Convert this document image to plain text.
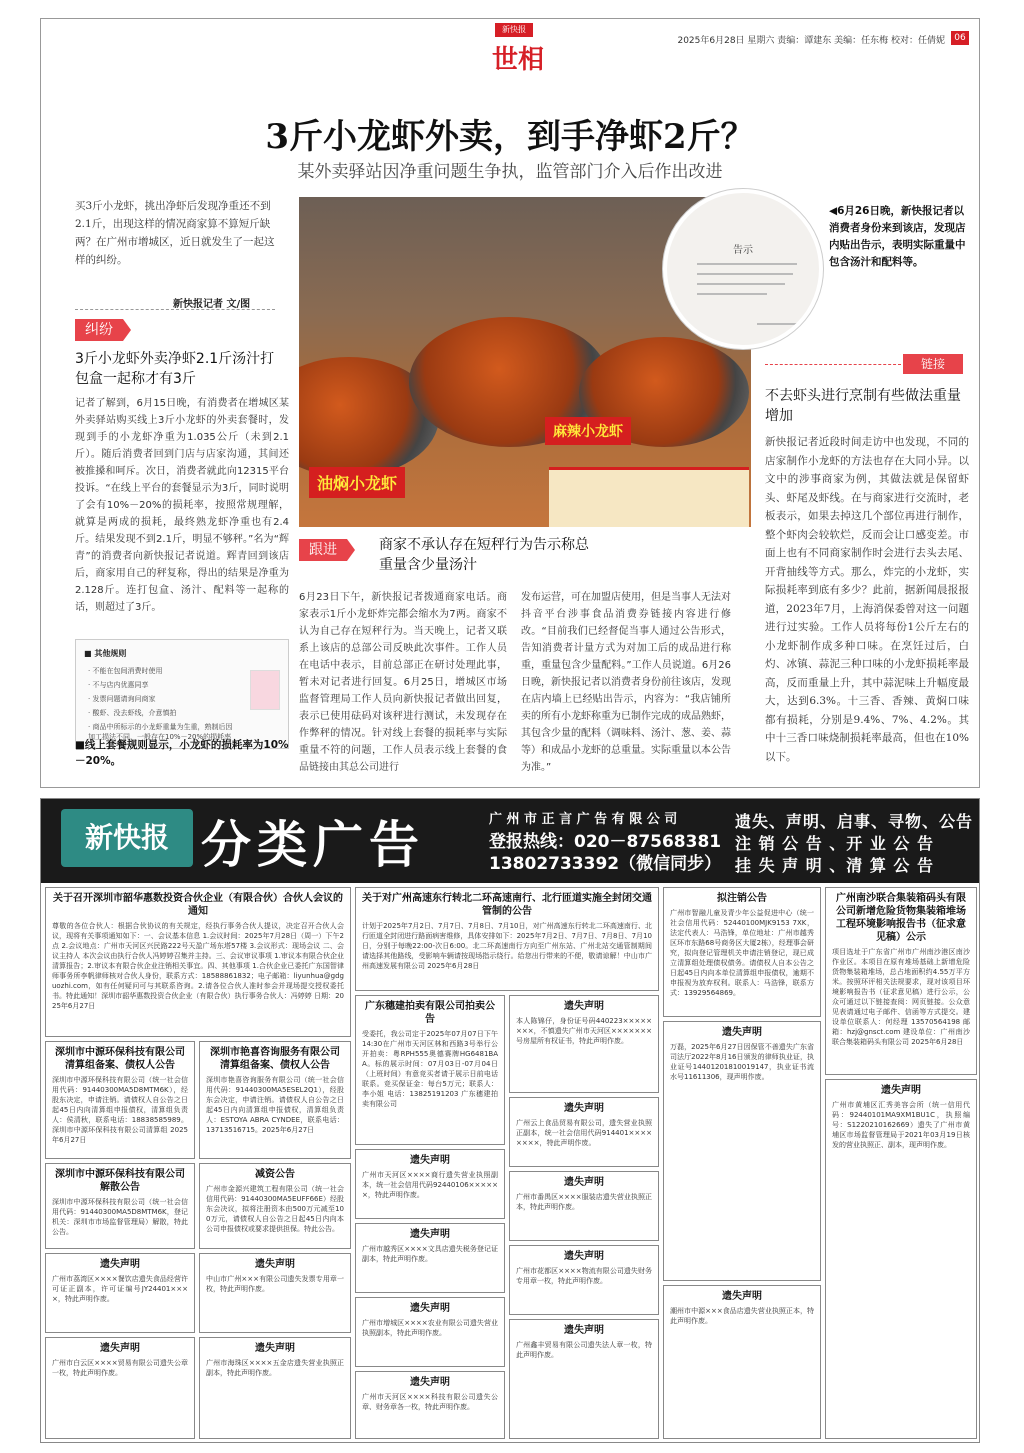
新快报
世相
2025年6月28日 星期六 责编：谭建东 美编：任东梅 校对：任倩妮	06
3斤小龙虾外卖，到手净虾2斤？
某外卖驿站因净重问题生争执，监管部门介入后作出改进
买3斤小龙虾，挑出净虾后发现净重还不到2.1斤，出现这样的情况商家算不算短斤缺两？在广州市增城区，近日就发生了一起这样的纠纷。
新快报记者 文/图
纠纷
3斤小龙虾外卖净虾2.1斤汤汁打包盒一起称才有3斤
记者了解到，6月15日晚，有消费者在增城区某外卖驿站购买线上3斤小龙虾的外卖套餐时，发现到手的小龙虾净重为1.035公斤（未到2.1斤）。随后消费者回到门店与店家沟通，其间还被推搡和呵斥。次日，消费者就此向12315平台投诉。“在线上平台的套餐显示为3斤，同时说明了会有10%－20%的损耗率，按照常规理解，就算是两成的损耗，最终熟龙虾净重也有2.4斤。结果发现不到2.1斤，明显不够秤。”名为“辉青”的消费者向新快报记者说道。辉青回到该店后，商家用自己的秤复称，得出的结果是净重为2.128斤。连打包盒、汤汁、配料等一起称的话，则超过了3斤。
油焖小龙虾
麻辣小龙虾
告示
◀6月26日晚，新快报记者以消费者身份来到该店，发现店内贴出告示，表明实际重量中包含汤汁和配料等。
链接
不去虾头进行烹制有些做法重量增加
新快报记者近段时间走访中也发现，不同的店家制作小龙虾的方法也存在大同小异。以文中的涉事商家为例，其做法就是保留虾头、虾尾及虾线。在与商家进行交流时，老板表示，如果去掉这几个部位再进行制作，整个虾肉会较软烂，反而会让口感变差。市面上也有不同商家制作时会进行去头去尾、开背抽线等方式。那么，炸完的小龙虾，实际损耗率到底有多少？此前，据新闻晨报报道，2023年7月，上海消保委曾对这一问题进行过实验。工作人员将每份1公斤左右的小龙虾制作成多种口味。在烹饪过后，白灼、冰镇、蒜泥三种口味的小龙虾损耗率最高，反而重量上升，其中蒜泥味上升幅度最大，达到6.3%。十三香、香辣、黄焖口味都有损耗，分别是9.4%、7%、4.2%。其中十三香口味烧制损耗率最高，但也在10%以下。
跟进	商家不承认存在短秤行为告示称总重量含少量汤汁
6月23日下午，新快报记者拨通商家电话。商家表示1斤小龙虾炸完都会缩水为7两。商家不认为自己存在短秤行为。当天晚上，记者又联系上该店的总部公司反映此次事件。工作人员在电话中表示，目前总部正在研讨处理此事，暂未对记者进行回复。6月25日，增城区市场监督管理局工作人员向新快报记者做出回复，表示已使用砝码对该秤进行测试，未发现存在作弊秤的情况。针对线上套餐的损耗率与实际重量不符的问题，工作人员表示线上套餐的食品链接由其总公司进行
发布运营，可在加盟店使用，但是当事人无法对抖音平台涉事食品消费券链接内容进行修改。“目前我们已经督促当事人通过公告形式，告知消费者计量方式为对加工后的成品进行称重，重量包含少量配料。”工作人员说道。6月26日晚，新快报记者以消费者身份前往该店，发现在店内墙上已经贴出告示，内容为：“我店铺所卖的所有小龙虾称重为已制作完成的成品熟虾，其包含少量的配料（调味料、汤汁、葱、姜、蒜等）和成品小龙虾的总重量。实际重量以本公告为准。”
■ 其他规则
· 不能在包间消费时使用
· 不与店内优惠同享
· 发票问题请询问商家
· 酸虾、没去虾线，介意慎拍
· 商品中所标示的小龙虾重量为生重，熟制后因加工损法不同，一般存在10%－20%的损耗率
■线上套餐规则显示，小龙虾的损耗率为10%－20%。
新快报 分类广告	广 州 市 正 言 广 告 有 限 公 司
登报热线：020－87568381
13802733392（微信同步）
遗失、声明、启事、寻物、公告
注 销 公 告 、开 业 公 告
挂 失 声 明 、清 算 公 告
关于召开深圳市韶华惠数投资合伙企业（有限合伙）合伙人会议的通知
尊敬的各位合伙人：根据合伙协议的有关规定，经执行事务合伙人提议，决定召开合伙人会议，现将有关事项通知如下：一、会议基本信息 1.会议时间：2025年7月28日（周一）下午2点 2.会议地点：广州市天河区兴民路222号天盈广场东塔57楼 3.会议形式：现场会议 二、会议主持人 本次会议由执行合伙人冯婷婷召集并主持。三、会议审议事项 1.审议本有限合伙企业清算报告；2.审议本有限合伙企业注销相关事宜。四、其他事项 1.合伙企业已委托广东国智律师事务所李帆律师核对合伙人身份，联系方式：18588861832；电子邮箱：liyunhua@gdguozhi.com，如有任何疑问可与其联系咨询。2.请各位合伙人准时参会并现场提交授权委托书。特此通知！深圳市韶华惠数投资合伙企业（有限合伙）执行事务合伙人：冯婷婷 日期：2025年6月27日
深圳市中源环保科技有限公司清算组备案、债权人公告
深圳市中源环保科技有限公司（统一社会信用代码：91440300MA5D8MTM6K），经股东决定，申请注销。请债权人自公告之日起45日内向清算组申报债权，清算组负责人：侯清秋，联系电话：18838585989。深圳市中源环保科技有限公司清算组 2025年6月27日
深圳市艳喜咨询服务有限公司清算组备案、债权人公告
深圳市艳喜咨询服务有限公司（统一社会信用代码：91440300MA5ESEL2Q1），经股东会决定，申请注销。请债权人自公告之日起45日内向清算组申报债权，清算组负责人：ESTOYA ABRA CYNDEE，联系电话：13713516715。2025年6月27日
深圳市中源环保科技有限公司解散公告
深圳市中源环保科技有限公司（统一社会信用代码：91440300MA5D8MTM6K，登记机关：深圳市市场监督管理局）解散，特此公告。
减资公告
广州市金源兴建筑工程有限公司（统一社会信用代码：91440300MA5EUFF66E）经股东会决议，拟将注册资本由500万元减至100万元，请债权人自公告之日起45日内向本公司申报债权或要求提供担保。特此公告。
遗失声明
广州市荔湾区××××餐饮店遗失食品经营许可证正副本，许可证编号JY24401××××，特此声明作废。
遗失声明
中山市广州×××有限公司遗失发票专用章一枚，特此声明作废。
遗失声明
广州市白云区××××贸易有限公司遗失公章一枚，特此声明作废。
遗失声明
广州市海珠区××××五金店遗失营业执照正副本，特此声明作废。
关于对广州高速东行转北二环高速南行、北行匝道实施全封闭交通管制的公告
计划于2025年7月2日、7月7日、7月8日、7月10日，对广州高速东行转北二环高速南行、北行匝道全封闭进行路面病害维修，具体安排如下：2025年7月2日、7月7日、7月8日、7月10日，分别于每晚22:00-次日6:00。北二环高速南行方向至广州东站、广州北站交通管制期间请选择其他路线，受影响车辆请按现场指示绕行。给您出行带来的不便，敬请谅解！中山市广州高速发展有限公司 2025年6月28日
广东穗建拍卖有限公司拍卖公告
受委托，我公司定于2025年07月07日下午14:30在广州市天河区林和西路3号举行公开拍卖：粤RPH555奥德赛牌HG6481BAA。标的展示时间：07月03日-07月04日（上班时间）有意竞买者请于展示日前电话联系。竞买保证金：每台5万元；联系人：李小姐 电话：13825191203 广东穗建拍卖有限公司
遗失声明
本人陈锦仔，身份证号码440223××××××××，不慎遗失广州市天河区×××××××号房屋所有权证书，特此声明作废。
遗失声明
广州云上食品贸易有限公司，遗失营业执照正副本，统一社会信用代码914401××××××××，特此声明作废。
遗失声明
广州市天河区××××商行遗失营业执照副本，统一社会信用代码92440106××××××，特此声明作废。
遗失声明
广州市番禺区××××服装店遗失营业执照正本，特此声明作废。
遗失声明
广州市越秀区××××文具店遗失税务登记证副本，特此声明作废。	遗失声明
广州市花都区××××物流有限公司遗失财务专用章一枚，特此声明作废。
遗失声明
广州市增城区××××农业有限公司遗失营业执照副本，特此声明作废。	遗失声明
广州鑫丰贸易有限公司遗失法人章一枚，特此声明作废。
遗失声明
广州市天河区××××科技有限公司遗失公章、财务章各一枚，特此声明作废。
拟注销公告
广州市智融儿童及青少年公益促进中心（统一社会信用代码：52440100MJK9153 7XK，法定代表人：马浩锋，单位地址：广州市越秀区环市东路68号商务区大厦2栋），经理事会研究，拟向登记管理机关申请注销登记，现已成立清算组处理债权债务。请债权人自本公告之日起45日内向本单位清算组申报债权，逾期不申报视为放弃权利。联系人：马浩锋，联系方式：13929564869。
遗失声明
万磊，2025年6月27日因保管不善遗失广东省司法厅2022年8月16日颁发的律师执业证，执业证号14401201810019147，执业证书流水号11611306，现声明作废。
遗失声明
潮州市中源×××食品店遗失营业执照正本，特此声明作废。
广州南沙联合集装箱码头有限公司新增危险货物集装箱堆场工程环境影响报告书（征求意见稿）公示
项目选址于广东省广州市广州南沙港区南沙作业区。本项目在原有堆场基础上新增危险货物集装箱堆场，总占地面积约4.55万平方米。按照环评相关法规要求，现对该项目环境影响报告书（征求意见稿）进行公示，公众可通过以下链接查阅：网页链接。公众意见表请通过电子邮件、信函等方式提交。建设单位联系人：何经理 13570564198 邮箱：hzj@gnsct.com 建设单位：广州南沙联合集装箱码头有限公司 2025年6月28日
遗失声明
广州市黄埔区汇秀美容会所（统一信用代码：92440101MA9XM1BU1C，执照编号：S1220210162669）遗失了广州市黄埔区市场监督管理局于2021年03月19日核发的营业执照正、副本，现声明作废。
